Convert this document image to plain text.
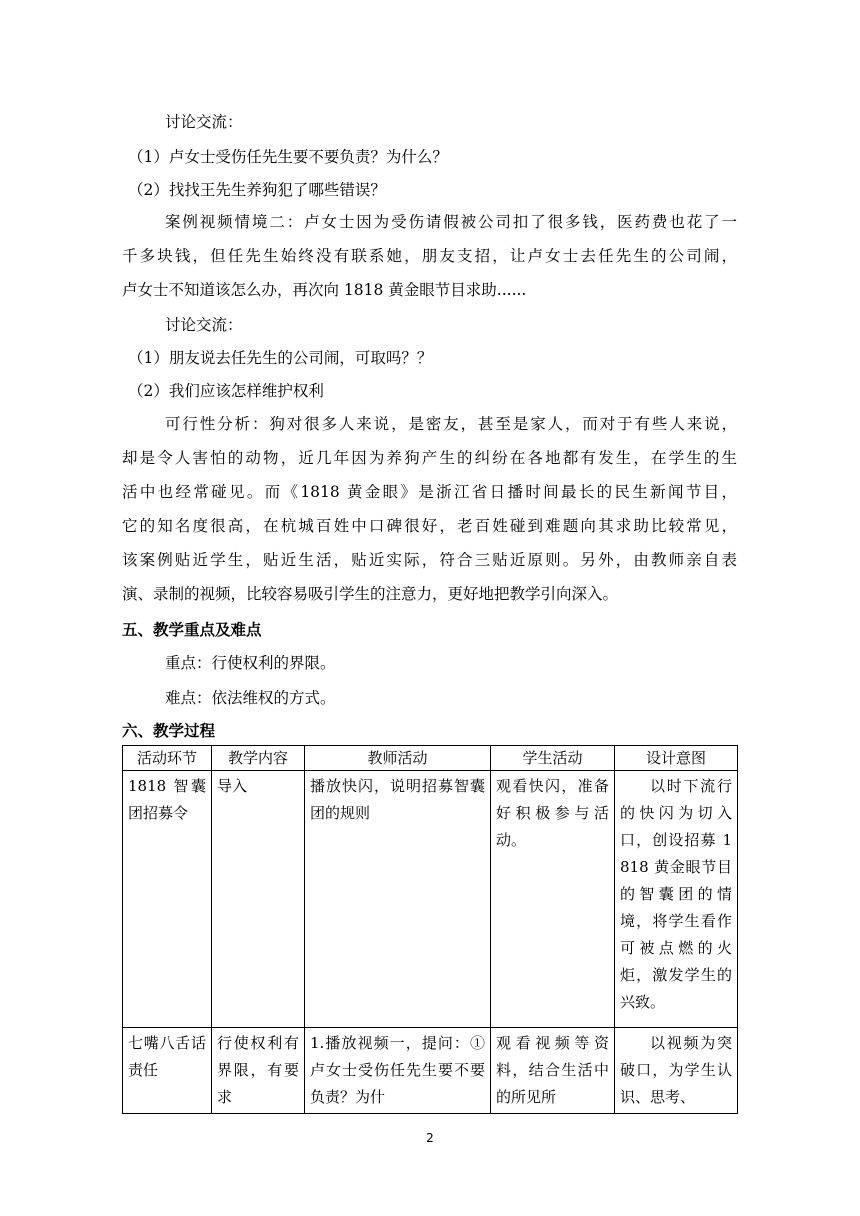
讨论交流：
（1）卢女士受伤任先生要不要负责？为什么？
（2）找找王先生养狗犯了哪些错误？
案例视频情境二：卢女士因为受伤请假被公司扣了很多钱，医药费也花了一
千多块钱，但任先生始终没有联系她，朋友支招，让卢女士去任先生的公司闹，
卢女士不知道该怎么办，再次向 1818 黄金眼节目求助......
讨论交流：
（1）朋友说去任先生的公司闹，可取吗？？
（2）我们应该怎样维护权利
可行性分析：狗对很多人来说，是密友，甚至是家人，而对于有些人来说，
却是令人害怕的动物，近几年因为养狗产生的纠纷在各地都有发生，在学生的生
活中也经常碰见。而《1818 黄金眼》是浙江省日播时间最长的民生新闻节目，
它的知名度很高，在杭城百姓中口碑很好，老百姓碰到难题向其求助比较常见，
该案例贴近学生，贴近生活，贴近实际，符合三贴近原则。另外，由教师亲自表
演、录制的视频，比较容易吸引学生的注意力，更好地把教学引向深入。
五、教学重点及难点
重点：行使权利的界限。
难点：依法维权的方式。
六、教学过程
活动环节	教学内容	教师活动	学生活动	设计意图
1818 智囊团招募令	导入	播放快闪，说明招募智囊团的规则	观看快闪，准备好积极参与活动。	以时下流行的快闪为切入口，创设招募 1818 黄金眼节目的智囊团的情境，将学生看作可被点燃的火炬，激发学生的兴致。
七嘴八舌话责任	行使权利有界限，有要求	1.播放视频一，提问：①卢女士受伤任先生要不要负责？为什	观看视频等资料，结合生活中的所见所	以视频为突破口，为学生认识、思考、
2
